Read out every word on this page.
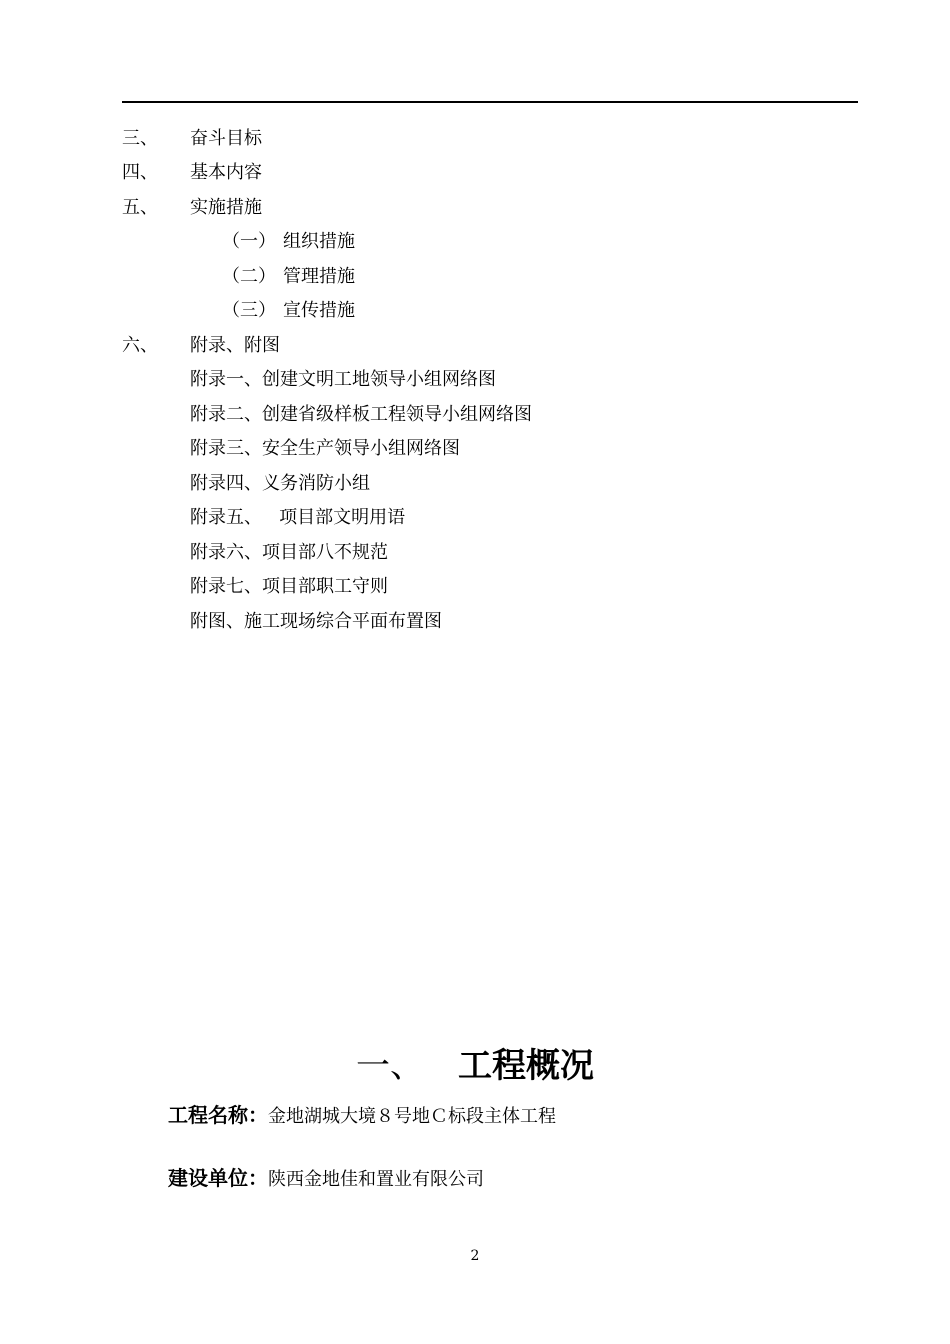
三、 奋斗目标
四、 基本内容
五、 实施措施
（一） 组织措施
（二） 管理措施
（三） 宣传措施
六、 附录、附图
附录一、创建文明工地领导小组网络图
附录二、创建省级样板工程领导小组网络图
附录三、安全生产领导小组网络图
附录四、义务消防小组
附录五、   项目部文明用语
附录六、项目部八不规范
附录七、项目部职工守则
附图、施工现场综合平面布置图
一、 工程概况
工程名称：金地湖城大境８号地Ｃ标段主体工程
建设单位：陕西金地佳和置业有限公司
2
